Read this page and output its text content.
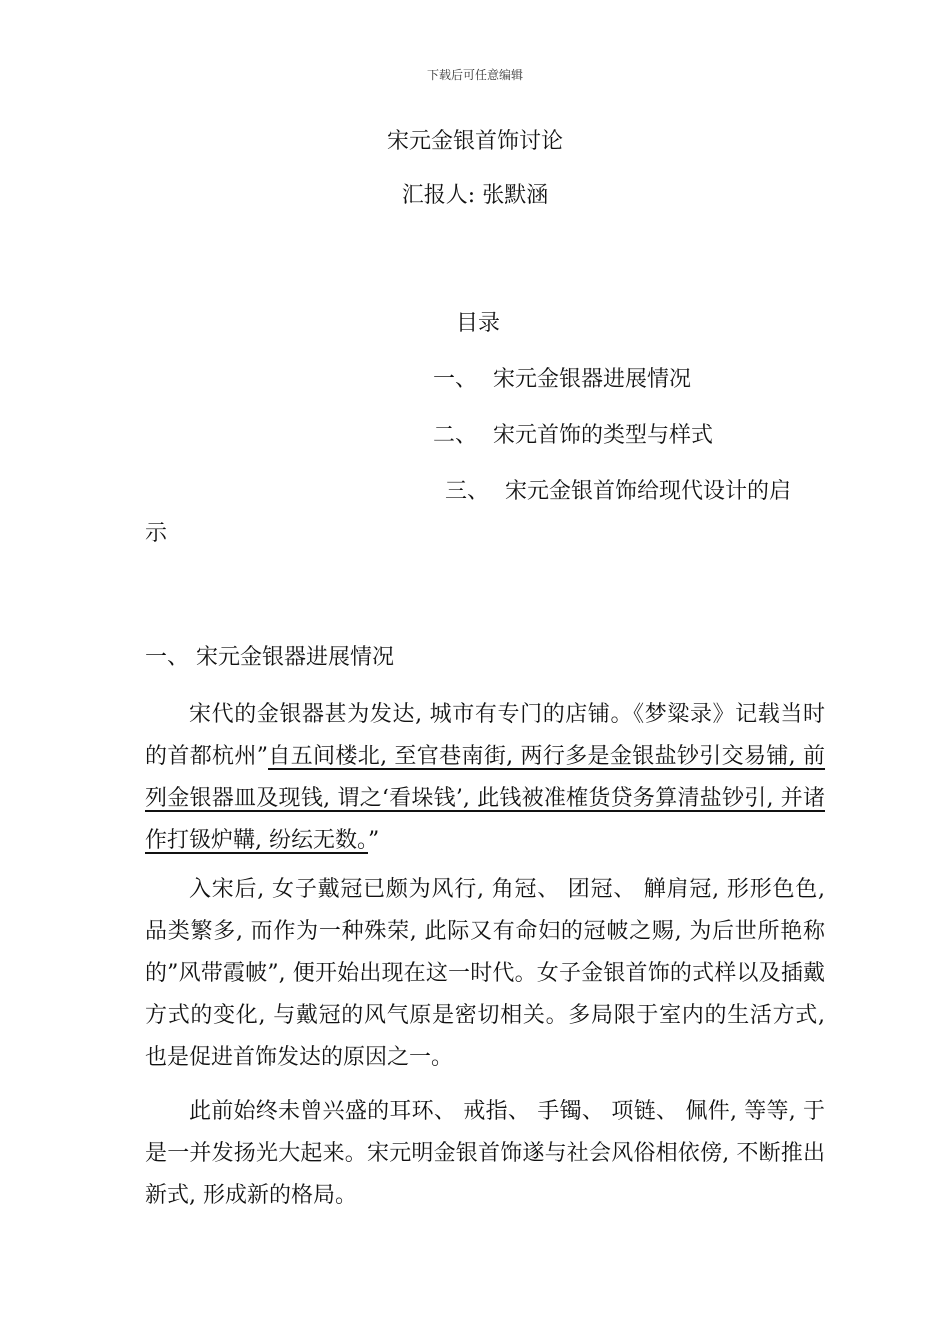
下载后可任意编辑
宋元金银首饰讨论
汇报人: 张默涵
目录
一、 宋元金银器进展情况
二、 宋元首饰的类型与样式
三、 宋元金银首饰给现代设计的启
示
一、 宋元金银器进展情况
宋代的金银器甚为发达, 城市有专门的店铺。《梦粱录》记载当时的首都杭州”自五间楼北, 至官巷南街, 两行多是金银盐钞引交易铺, 前列金银器皿及现钱, 谓之‘看垛钱’, 此钱被准榷货贷务算清盐钞引, 并诸作打钑炉鞲, 纷纭无数。”
入宋后, 女子戴冠已颇为风行, 角冠、 团冠、 觯肩冠, 形形色色, 品类繁多, 而作为一种殊荣, 此际又有命妇的冠帔之赐, 为后世所艳称的”风带霞帔”, 便开始出现在这一时代。女子金银首饰的式样以及插戴方式的变化, 与戴冠的风气原是密切相关。多局限于室内的生活方式, 也是促进首饰发达的原因之一。
此前始终未曾兴盛的耳环、 戒指、 手镯、 项链、 佩件, 等等, 于是一并发扬光大起来。宋元明金银首饰遂与社会风俗相依傍, 不断推出新式, 形成新的格局。
